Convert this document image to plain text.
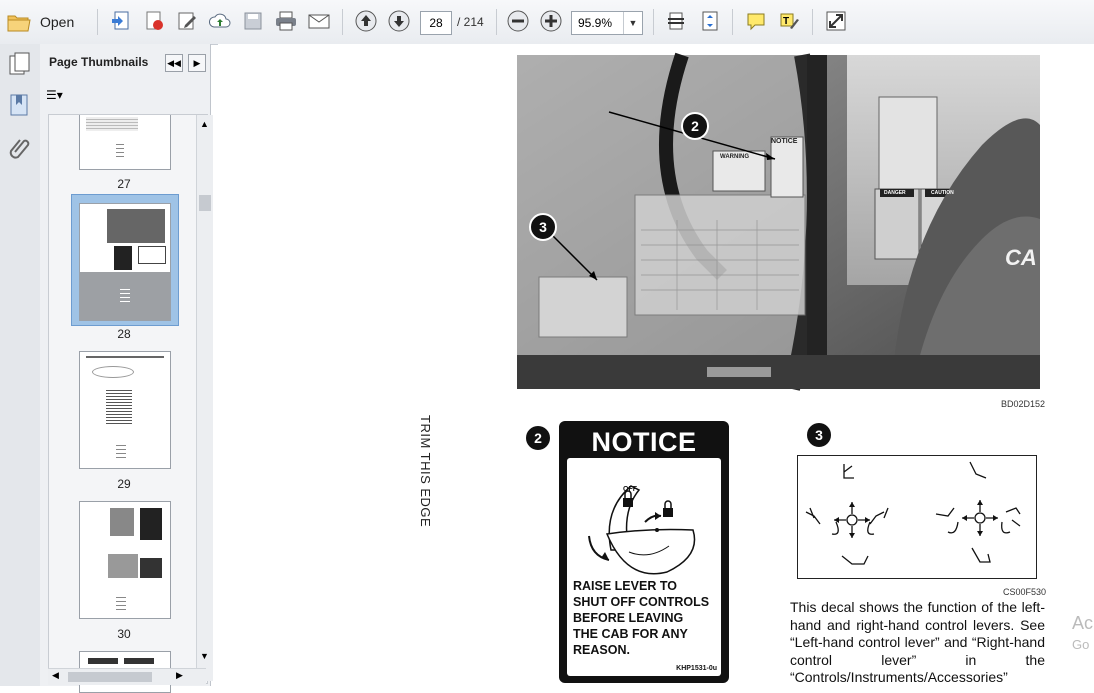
Open	28	/ 214	95.9%	▼	T
Page Thumbnails ◀◀ ▶
☰▾
27
28
29
30
▲
▼
◀	▶
TRIM THIS EDGE
NOTICE
WARNING
DANGER	CAUTION
CA
2
3
BD02D152
2	NOTICE
OFF
RAISE LEVER TO
SHUT OFF CONTROLS
BEFORE LEAVING
THE CAB FOR ANY
REASON.
KHP1531-0u
3
CS00F530
This decal shows the function of the left-hand and right-hand control levers. See “Left-hand control lever” and “Right-hand control lever” in the “Controls/Instruments/Accessories”
Ac
Go
